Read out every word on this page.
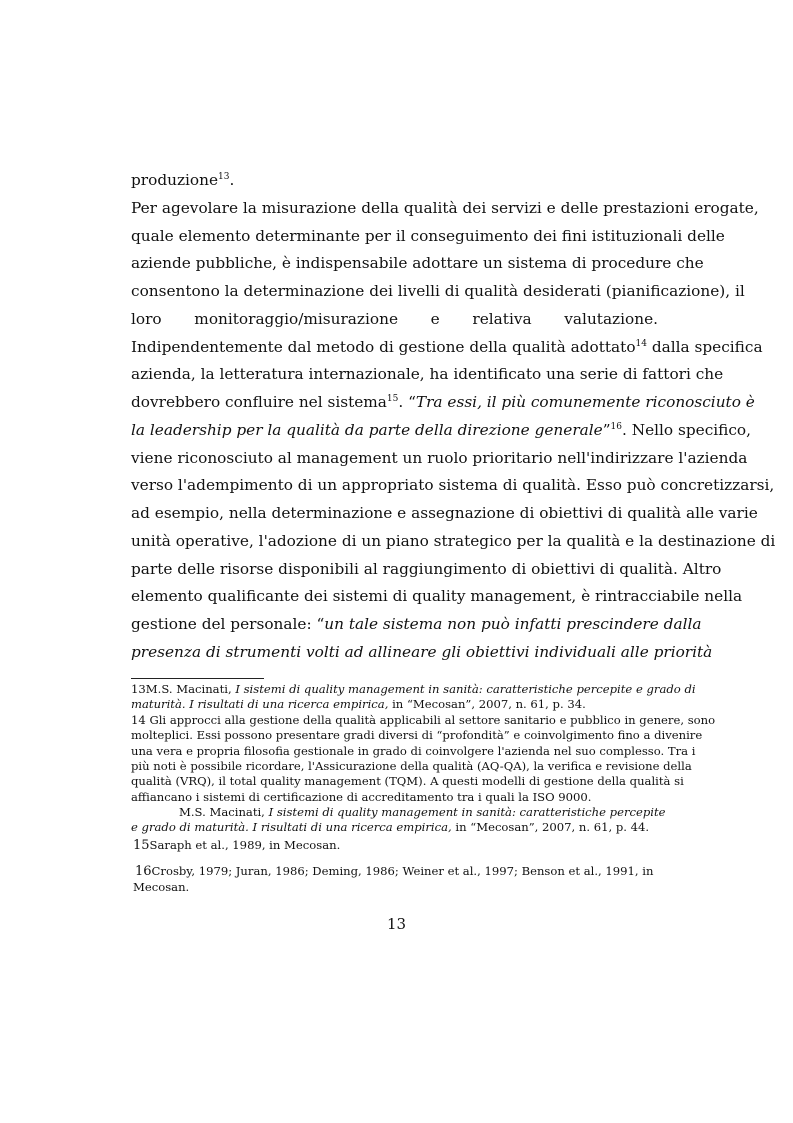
produzione$^{13}$.
Per agevolare la misurazione della qualità dei servizi e delle prestazioni erogate,
quale elemento determinante per il conseguimento dei fini istituzionali delle
aziende pubbliche, è indispensabile adottare un sistema di procedure che
consentono la determinazione dei livelli di qualità desiderati (pianificazione), il
loro monitoraggio/misurazione e relativa valutazione.
Indipendentemente dal metodo di gestione della qualità adottato$^{14}$ dalla specifica
azienda, la letteratura internazionale, ha identificato una serie di fattori che
dovrebbero confluire nel sistema$^{15}$. “Tra essi, il più comunemente riconosciuto è
la leadership per la qualità da parte della direzione generale”$^{16}$. Nello specifico,
viene riconosciuto al management un ruolo prioritario nell'indirizzare l'azienda
verso l'adempimento di un appropriato sistema di qualità. Esso può concretizzarsi,
ad esempio, nella determinazione e assegnazione di obiettivi di qualità alle varie
unità operative, l'adozione di un piano strategico per la qualità e la destinazione di
parte delle risorse disponibili al raggiungimento di obiettivi di qualità. Altro
elemento qualificante dei sistemi di quality management, è rintracciabile nella
gestione del personale: “un tale sistema non può infatti prescindere dalla
presenza di strumenti volti ad allineare gli obiettivi individuali alle priorità
13M.S. Macinati, I sistemi di quality management in sanità: caratteristiche percepite e grado di
maturità. I risultati di una ricerca empirica, in “Mecosan”, 2007, n. 61, p. 34.
14 Gli approcci alla gestione della qualità applicabili al settore sanitario e pubblico in genere, sono
molteplici. Essi possono presentare gradi diversi di “profondità” e coinvolgimento fino a divenire
una vera e propria filosofia gestionale in grado di coinvolgere l'azienda nel suo complesso. Tra i
più noti è possibile ricordare, l'Assicurazione della qualità (AQ-QA), la verifica e revisione della
qualità (VRQ), il total quality management (TQM). A questi modelli di gestione della qualità si
affiancano i sistemi di certificazione di accreditamento tra i quali la ISO 9000.
M.S. Macinati, I sistemi di quality management in sanità: caratteristiche percepite
e grado di maturità. I risultati di una ricerca empirica, in “Mecosan”, 2007, n. 61, p. 44.
15Saraph et al., 1989, in Mecosan.
16Crosby, 1979; Juran, 1986; Deming, 1986; Weiner et al., 1997; Benson et al., 1991, in
Mecosan.
13
